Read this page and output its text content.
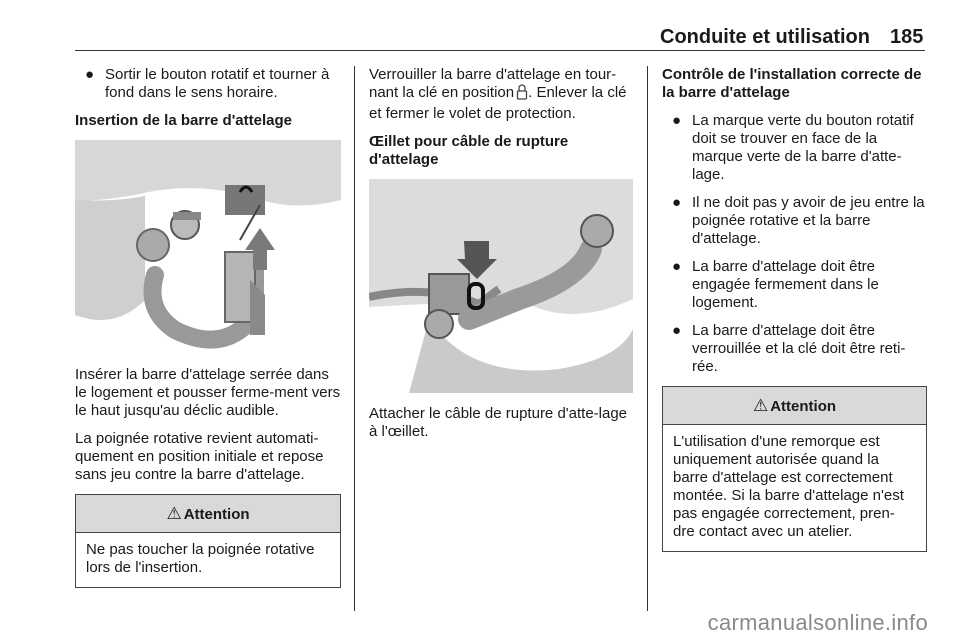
Conduite et utilisation 185
● Sortir le bouton rotatif et tourner à fond dans le sens horaire.
Insertion de la barre d'attelage

Insérer la barre d'attelage serrée dans le logement et pousser ferme-ment vers le haut jusqu'au déclic audible.

La poignée rotative revient automati-quement en position initiale et repose sans jeu contre la barre d'attelage.

⚠ Attention
Ne pas toucher la poignée rotative lors de l'insertion.

Verrouiller la barre d'attelage en tour-nant la clé en position . Enlever la clé et fermer le volet de protection.

Œillet pour câble de rupture d'attelage

Attacher le câble de rupture d'atte-lage à l'œillet.

Contrôle de l'installation correcte de la barre d'attelage
● La marque verte du bouton rotatif doit se trouver en face de la marque verte de la barre d'atte-lage.
● Il ne doit pas y avoir de jeu entre la poignée rotative et la barre d'attelage.
● La barre d'attelage doit être engagée fermement dans le logement.
● La barre d'attelage doit être verrouillée et la clé doit être reti-rée.
⚠ Attention
L'utilisation d'une remorque est uniquement autorisée quand la barre d'attelage est correctement montée. Si la barre d'attelage n'est pas engagée correctement, pren-dre contact avec un atelier.
carmanualsonline.info
